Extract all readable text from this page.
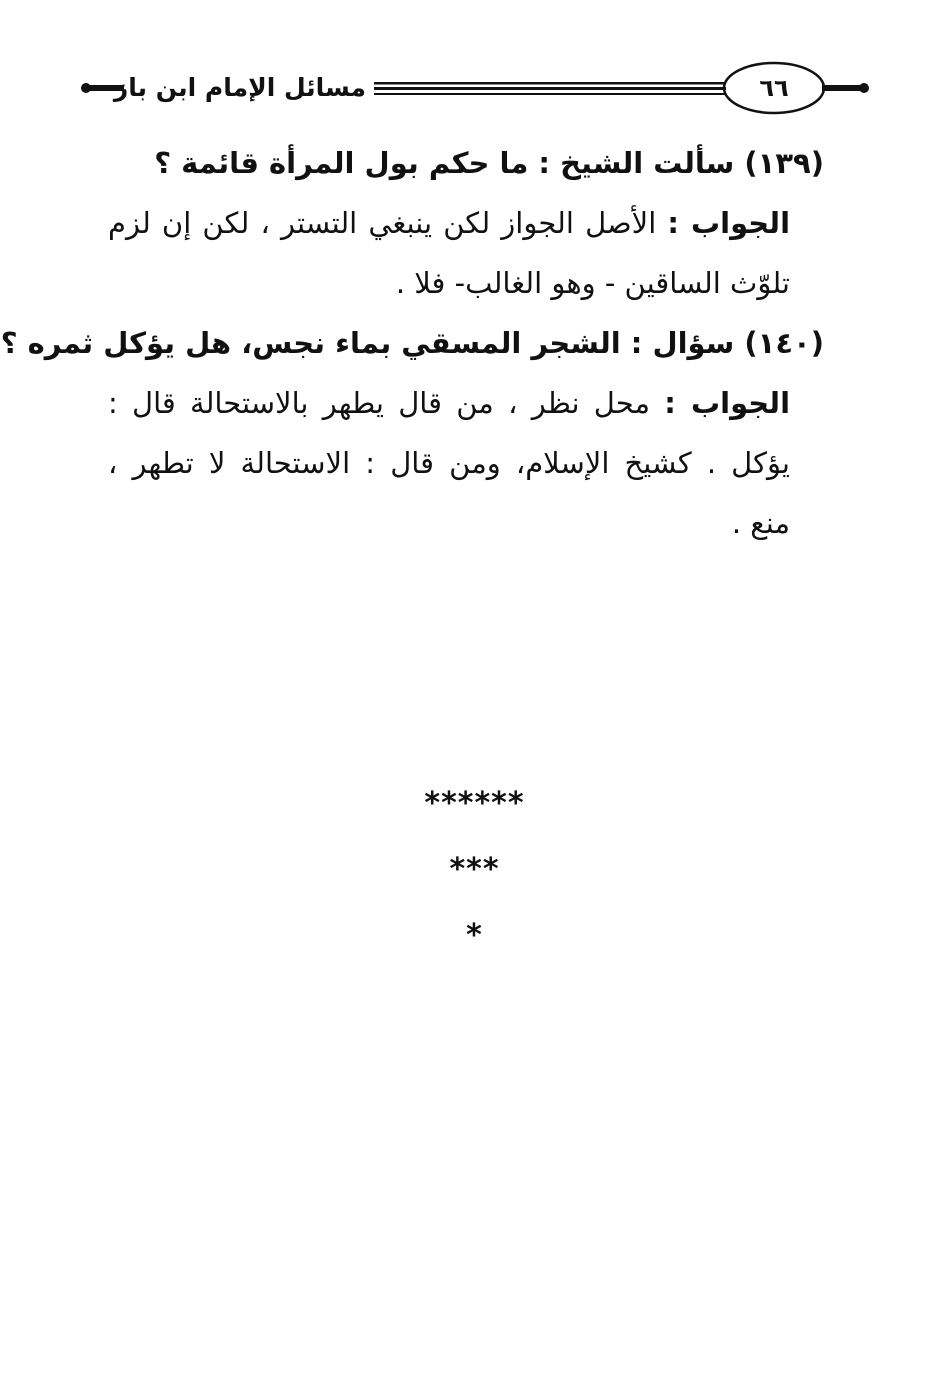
مسائل الإمام ابن باز	٦٦
(١٣٩) سألت الشيخ : ما حكم بول المرأة قائمة ؟
الجواب : الأصل الجواز لكن ينبغي التستر ، لكن إن لزم
تلوّث الساقين - وهو الغالب- فلا .
(١٤٠) سؤال : الشجر المسقي بماء نجس، هل يؤكل ثمره ؟
الجواب : محل نظر ، من قال يطهر بالاستحالة قال :
يؤكل . كشيخ الإسلام، ومن قال : الاستحالة لا تطهر ،
منع .
******
***
*
